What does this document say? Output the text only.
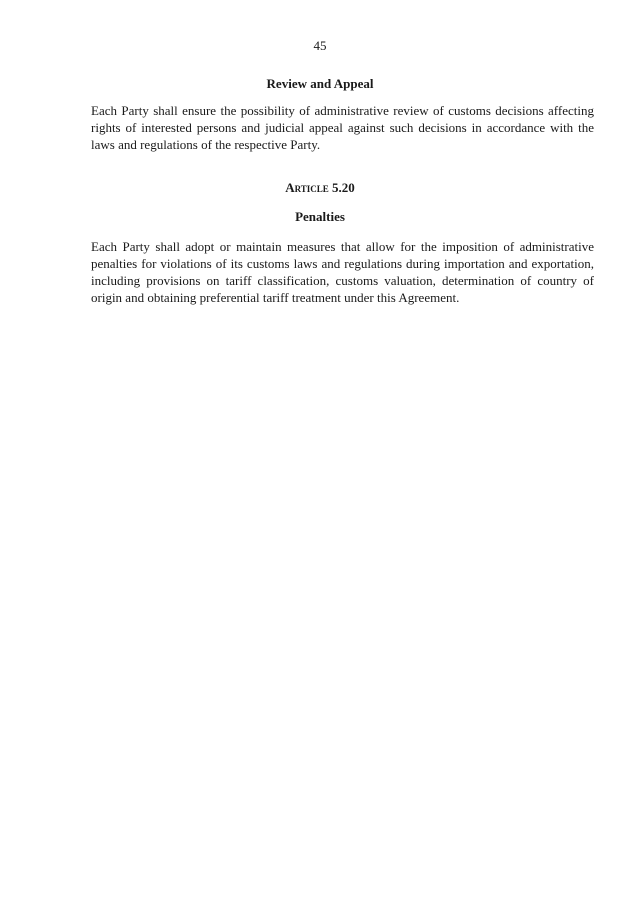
45
Review and Appeal

Each Party shall ensure the possibility of administrative review of customs decisions affecting rights of interested persons and judicial appeal against such decisions in accordance with the laws and regulations of the respective Party.

Article 5.20
Penalties

Each Party shall adopt or maintain measures that allow for the imposition of administrative penalties for violations of its customs laws and regulations during importation and exportation, including provisions on tariff classification, customs valuation, determination of country of origin and obtaining preferential tariff treatment under this Agreement.
